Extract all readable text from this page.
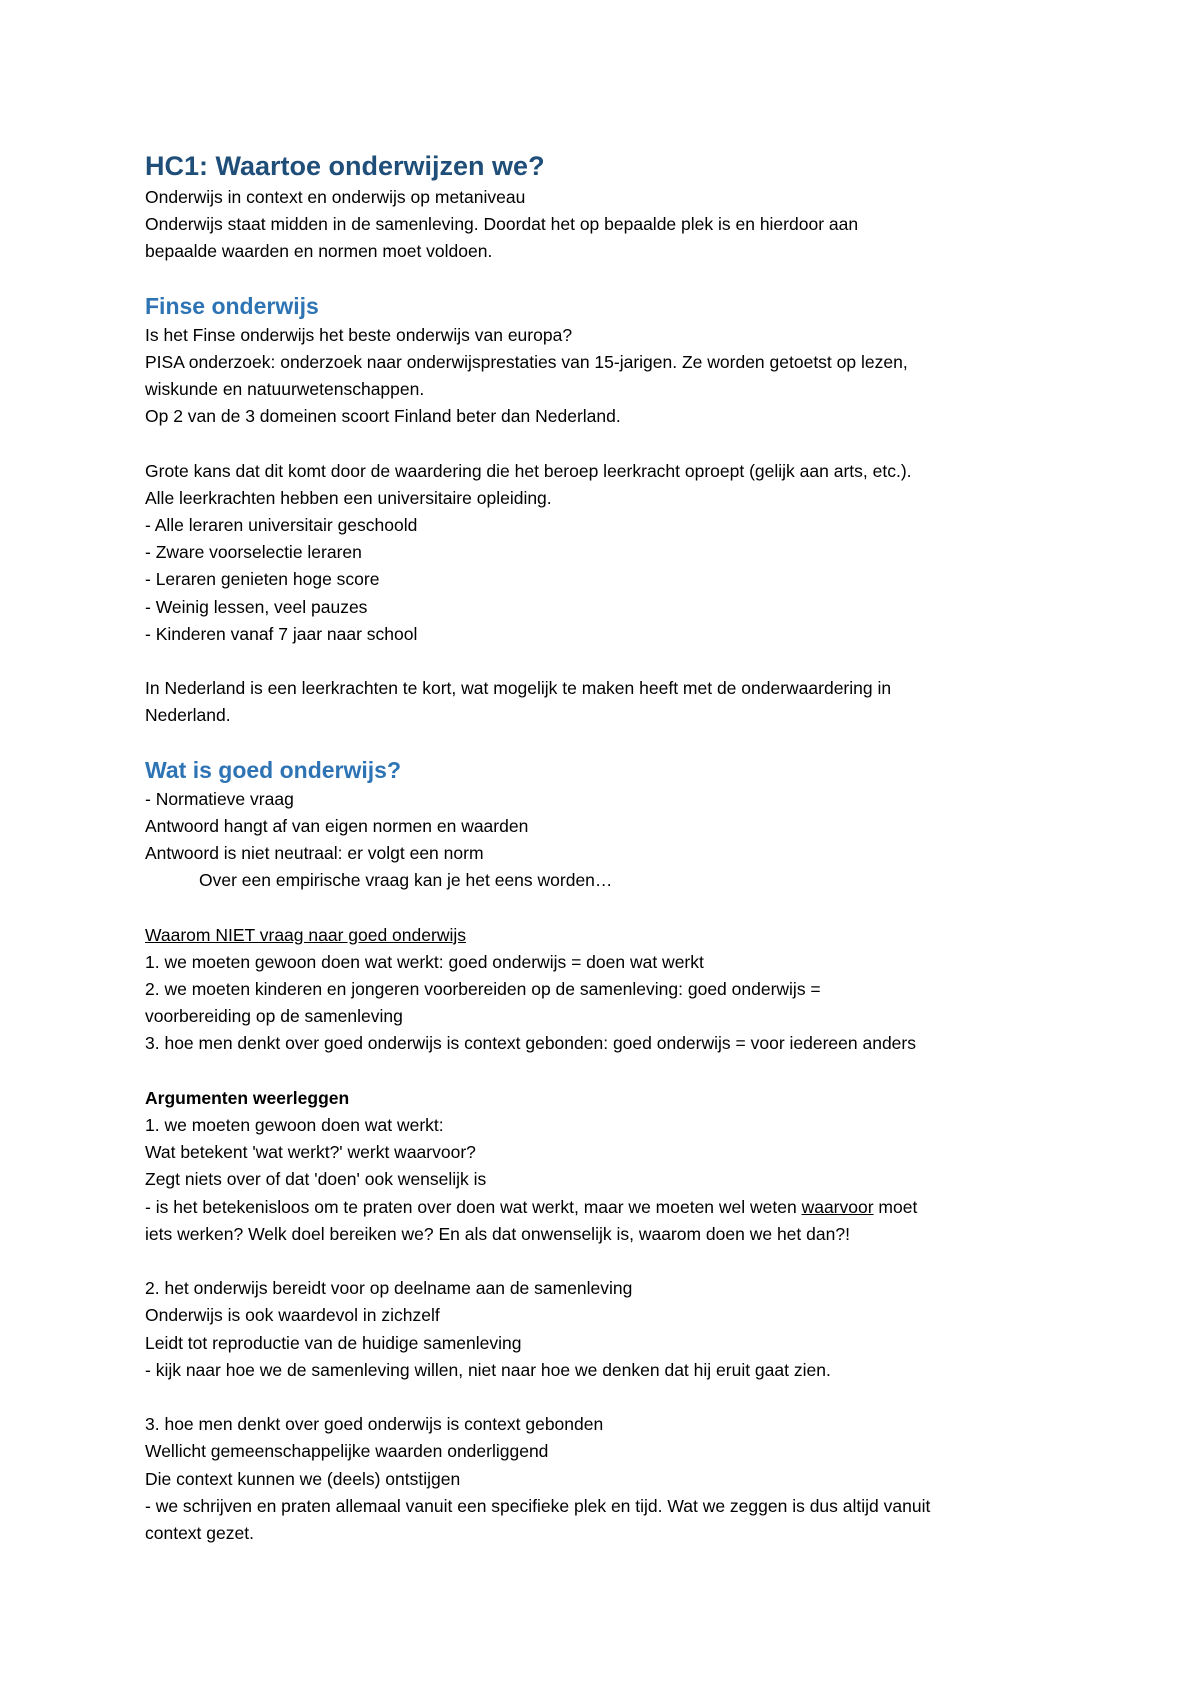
HC1: Waartoe onderwijzen we?

Onderwijs in context en onderwijs op metaniveau

Onderwijs staat midden in de samenleving. Doordat het op bepaalde plek is en hierdoor aan

bepaalde waarden en normen moet voldoen.

Finse onderwijs

Is het Finse onderwijs het beste onderwijs van europa?

PISA onderzoek: onderzoek naar onderwijsprestaties van 15-jarigen. Ze worden getoetst op lezen,

wiskunde en natuurwetenschappen.

Op 2 van de 3 domeinen scoort Finland beter dan Nederland.

Grote kans dat dit komt door de waardering die het beroep leerkracht oproept (gelijk aan arts, etc.).

Alle leerkrachten hebben een universitaire opleiding.

- Alle leraren universitair geschoold

- Zware voorselectie leraren

- Leraren genieten hoge score

- Weinig lessen, veel pauzes

- Kinderen vanaf 7 jaar naar school

In Nederland is een leerkrachten te kort, wat mogelijk te maken heeft met de onderwaardering in

Nederland.

Wat is goed onderwijs?

- Normatieve vraag

Antwoord hangt af van eigen normen en waarden

Antwoord is niet neutraal: er volgt een norm

Over een empirische vraag kan je het eens worden…

Waarom NIET vraag naar goed onderwijs

1. we moeten gewoon doen wat werkt: goed onderwijs = doen wat werkt

2. we moeten kinderen en jongeren voorbereiden op de samenleving: goed onderwijs =

voorbereiding op de samenleving

3. hoe men denkt over goed onderwijs is context gebonden: goed onderwijs = voor iedereen anders

Argumenten weerleggen

1. we moeten gewoon doen wat werkt:

Wat betekent 'wat werkt?' werkt waarvoor?

Zegt niets over of dat 'doen' ook wenselijk is

- is het betekenisloos om te praten over doen wat werkt, maar we moeten wel weten waarvoor moet

iets werken? Welk doel bereiken we? En als dat onwenselijk is, waarom doen we het dan?!

2. het onderwijs bereidt voor op deelname aan de samenleving

Onderwijs is ook waardevol in zichzelf

Leidt tot reproductie van de huidige samenleving

- kijk naar hoe we de samenleving willen, niet naar hoe we denken dat hij eruit gaat zien.

3. hoe men denkt over goed onderwijs is context gebonden

Wellicht gemeenschappelijke waarden onderliggend

Die context kunnen we (deels) ontstijgen

- we schrijven en praten allemaal vanuit een specifieke plek en tijd. Wat we zeggen is dus altijd vanuit

context gezet.
